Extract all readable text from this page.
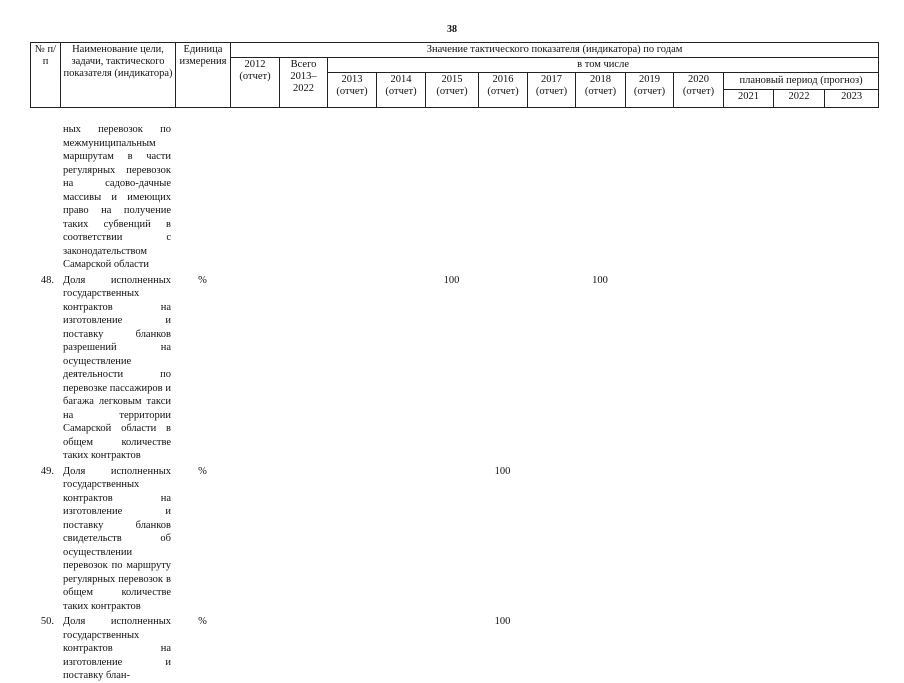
38
№ п/п	Наименование цели, задачи, тактического показателя (индикатора)	Единица измерения	Значение тактического показателя (индикатора) по годам												
			2012 (отчет)	Всего 2013–2022	в том числе										
					2013 (отчет)	2014 (отчет)	2015 (отчет)	2016 (отчет)	2017 (отчет)	2018 (отчет)	2019 (отчет)	2020 (отчет)	плановый период (прогноз)		
													2021	2022	2023
	ных перевозок по межмуниципальным маршрутам в части регулярных перевозок на садово-дачные массивы и имеющих право на получение таких субвенций в соответствии с законодательством Самарской области														

48.	Доля исполненных государственных контрактов на изготовление и поставку бланков разрешений на осуществление деятельности по перевозке пассажиров и багажа легковым такси на территории Самарской области в общем количестве таких контрактов	%					100			100					

49.	Доля исполненных государственных контрактов на изготовление и поставку бланков свидетельств об осуществлении перевозок по маршруту регулярных перевозок в общем количестве таких контрактов	%						100							

50.	Доля исполненных государственных контрактов на изготовление и поставку блан-	%						100							
